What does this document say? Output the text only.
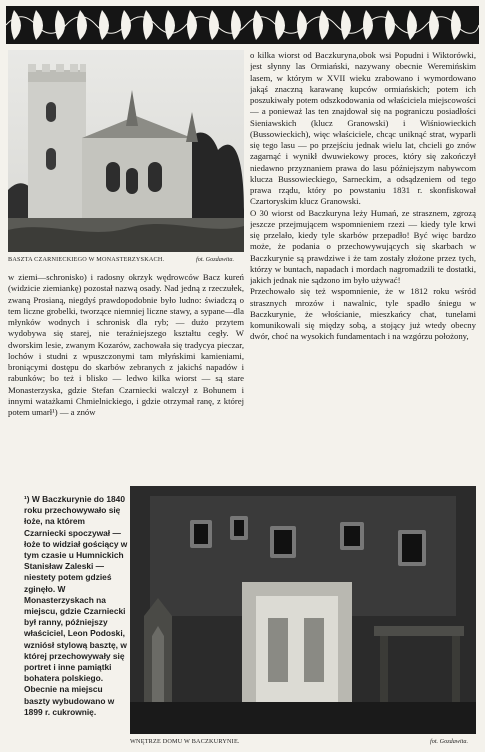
BASZTA CZARNIECKIEGO W MONASTERZYSKACH.	fot. Gozdawita.
o kilka wiorst od Baczkuryna,obok wsi Popudni i Wiktorówki, jest słynny las Ormiański, nazywany obecnie Weremińskim lasem, w którym w XVII wieku zrabowano i wymordowano jakąś znaczną karawanę kupców ormiańskich; potem ich poszukiwały potem odszkodowania od właściciela miejscowości — a ponieważ las ten znajdował się na pograniczu posiadłości Sieniawskich (klucz Granowski) i Wiśniowieckich (Bussowieckich), więc właściciele, chcąc uniknąć strat, wyparli się tego lasu — po przejściu jednak wielu lat, chcieli go znów zagarnąć i wynikł dwuwiekowy proces, który się zakończył niedawno przyznaniem prawa do lasu późniejszym nabywcom klucza Bussowieckiego, Sarneckim, a odsądzeniem od tego prawa rządu, który po powstaniu 1831 r. skonfiskował Czartoryskim klucz Granowski.
O 30 wiorst od Baczkuryna leży Humań, ze strasznem, zgrozą jeszcze przejmującem wspomnieniem rzezi — kiedy tyle krwi się przelało, kiedy tyle skarbów przepadło! Być więc bardzo może, że podania o przechowywujących się skarbach w Baczkurynie są prawdziwe i że tam zostały złożone przez tych, którzy w buntach, napadach i mordach nagromadzili te dostatki, jakich jednak nie sądzono im było używać!
Przechowało się też wspomnienie, że w 1812 roku wśród strasznych mrozów i nawalnic, tyle spadło śniegu w Baczkurynie, że włościanie, mieszkańcy chat, tunelami komunikowali się między sobą, a stojący już wtedy obecny dwór, choć na wysokich fundamentach i na wzgórzu położony,
w ziemi—schronisko) i radosny okrzyk wędrowców Bacz kureń (widzicie ziemiankę) pozostał nazwą osady. Nad jedną z rzeczułek, zwaną Prosianą, niegdyś prawdopodobnie było ludno: świadczą o tem liczne grobelki, tworzące niemniej liczne stawy, a sypane—dla młynków wodnych i schronisk dla ryb; — dużo przytem wydobywa się starej, nie teraźniejszego kształtu cegły. W dworskim lesie, zwanym Kozarów, zachowała się tradycya pieczar, lochów i studni z wpuszczonymi tam młyńskimi kamieniami, broniącymi dostępu do skarbów zebranych z jakichś napadów i rabunków; bo też i blisko — ledwo kilka wiorst — są stare Monasterzyska, gdzie Stefan Czarniecki walczył z Bohunem i innymi watażkami Chmielnickiego, i gdzie otrzymał ranę, z której potem umarł¹) — a znów
¹) W Baczkurynie do 1840 roku przechowywało się łoże, na którem Czarniecki spoczywał — łoże to widział gościący w tym czasie u Humnickich Stanisław Zaleski — niestety potem gdzieś zginęło. W Monasterzyskach na miejscu, gdzie Czarniecki był ranny, późniejszy właściciel, Leon Podoski, wzniósł stylową basztę, w której przechowywały się portret i inne pamiątki bohatera polskiego. Obecnie na miejscu baszty wybudowano w 1899 r. cukrownię.
WNĘTRZE DOMU W BACZKURYNIE.	fot. Gozdawita.
